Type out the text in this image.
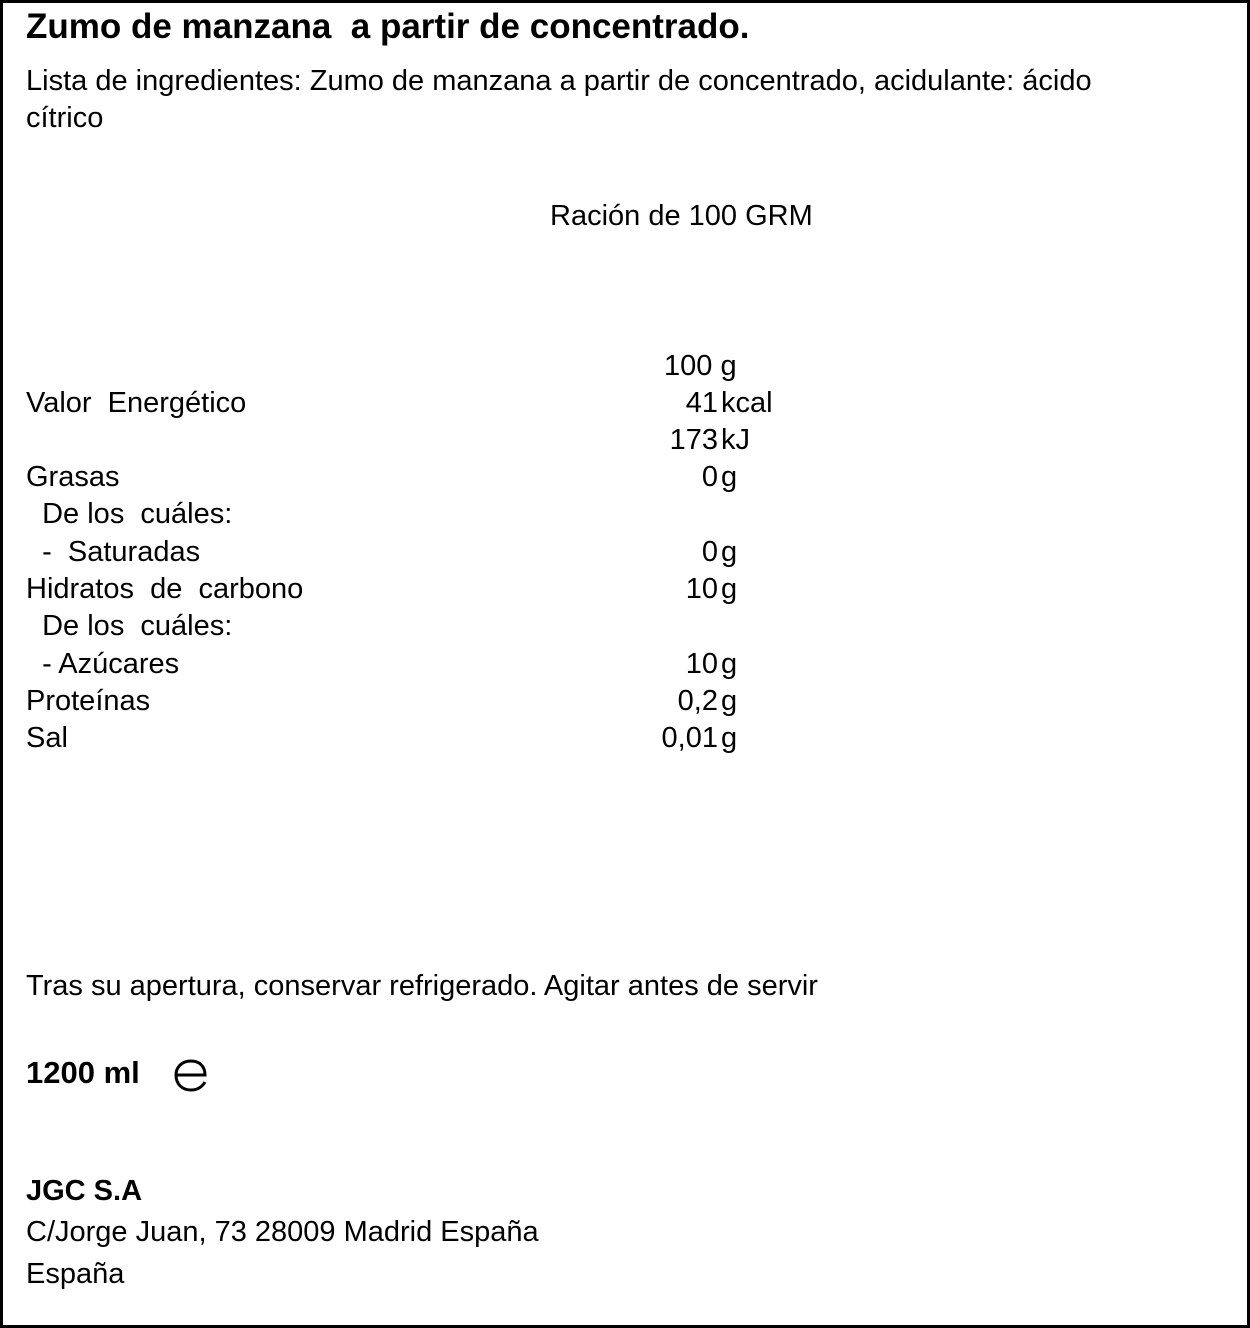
Zumo de manzana  a partir de concentrado.
Lista de ingredientes: Zumo de manzana a partir de concentrado, acidulante: ácido cítrico
Ración de 100 GRM
100 g
Valor  Energético	41 kcal
173 kJ
Grasas	0 g
De los  cuáles:
-  Saturadas	0 g
Hidratos  de  carbono	10 g
De los  cuáles:
- Azúcares	10 g
Proteínas	0,2 g
Sal	0,01 g
Tras su apertura, conservar refrigerado. Agitar antes de servir
1200 ml
JGC S.A
C/Jorge Juan, 73 28009 Madrid España
España
